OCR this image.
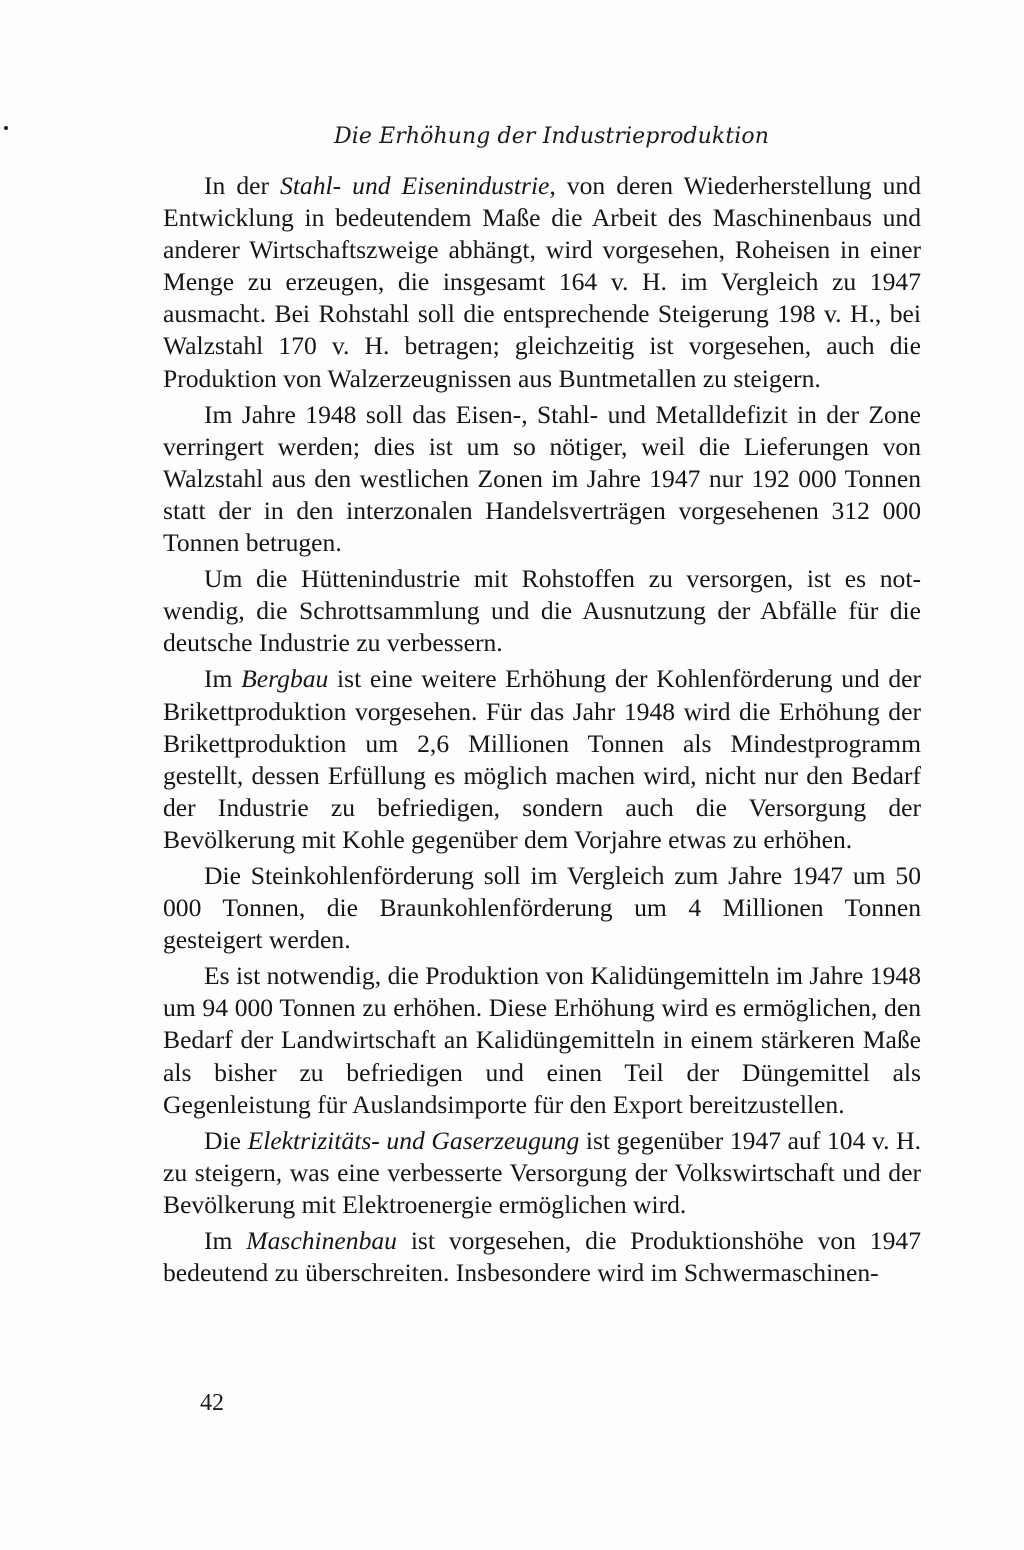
Die Erhöhung der Industrieproduktion

In der Stahl- und Eisenindustrie, von deren Wiederherstellung und Entwicklung in bedeutendem Maße die Arbeit des Maschinenbaus und anderer Wirtschaftszweige abhängt, wird vorgesehen, Roheisen in einer Menge zu erzeugen, die insgesamt 164 v. H. im Vergleich zu 1947 ausmacht. Bei Rohstahl soll die entsprechende Steigerung 198 v. H., bei Walzstahl 170 v. H. betragen; gleichzeitig ist vorgesehen, auch die Produktion von Walzerzeugnissen aus Buntmetallen zu steigern.

Im Jahre 1948 soll das Eisen-, Stahl- und Metalldefizit in der Zone verringert werden; dies ist um so nötiger, weil die Lieferungen von Walzstahl aus den westlichen Zonen im Jahre 1947 nur 192 000 Tonnen statt der in den interzonalen Handelsverträgen vorgesehenen 312 000 Tonnen betrugen.

Um die Hüttenindustrie mit Rohstoffen zu versorgen, ist es notwendig, die Schrottsammlung und die Ausnutzung der Abfälle für die deutsche Industrie zu verbessern.

Im Bergbau ist eine weitere Erhöhung der Kohlenförderung und der Brikettproduktion vorgesehen. Für das Jahr 1948 wird die Erhöhung der Brikettproduktion um 2,6 Millionen Tonnen als Mindestprogramm gestellt, dessen Erfüllung es möglich machen wird, nicht nur den Bedarf der Industrie zu befriedigen, sondern auch die Versorgung der Bevölkerung mit Kohle gegenüber dem Vorjahre etwas zu erhöhen.

Die Steinkohlenförderung soll im Vergleich zum Jahre 1947 um 50 000 Tonnen, die Braunkohlenförderung um 4 Millionen Tonnen gesteigert werden.

Es ist notwendig, die Produktion von Kalidüngemitteln im Jahre 1948 um 94 000 Tonnen zu erhöhen. Diese Erhöhung wird es ermöglichen, den Bedarf der Landwirtschaft an Kalidüngemitteln in einem stärkeren Maße als bisher zu befriedigen und einen Teil der Düngemittel als Gegenleistung für Auslandsimporte für den Export bereitzustellen.

Die Elektrizitäts- und Gaserzeugung ist gegenüber 1947 auf 104 v. H. zu steigern, was eine verbesserte Versorgung der Volkswirtschaft und der Bevölkerung mit Elektroenergie ermöglichen wird.

Im Maschinenbau ist vorgesehen, die Produktionshöhe von 1947 bedeutend zu überschreiten. Insbesondere wird im Schwermaschinen-

42
